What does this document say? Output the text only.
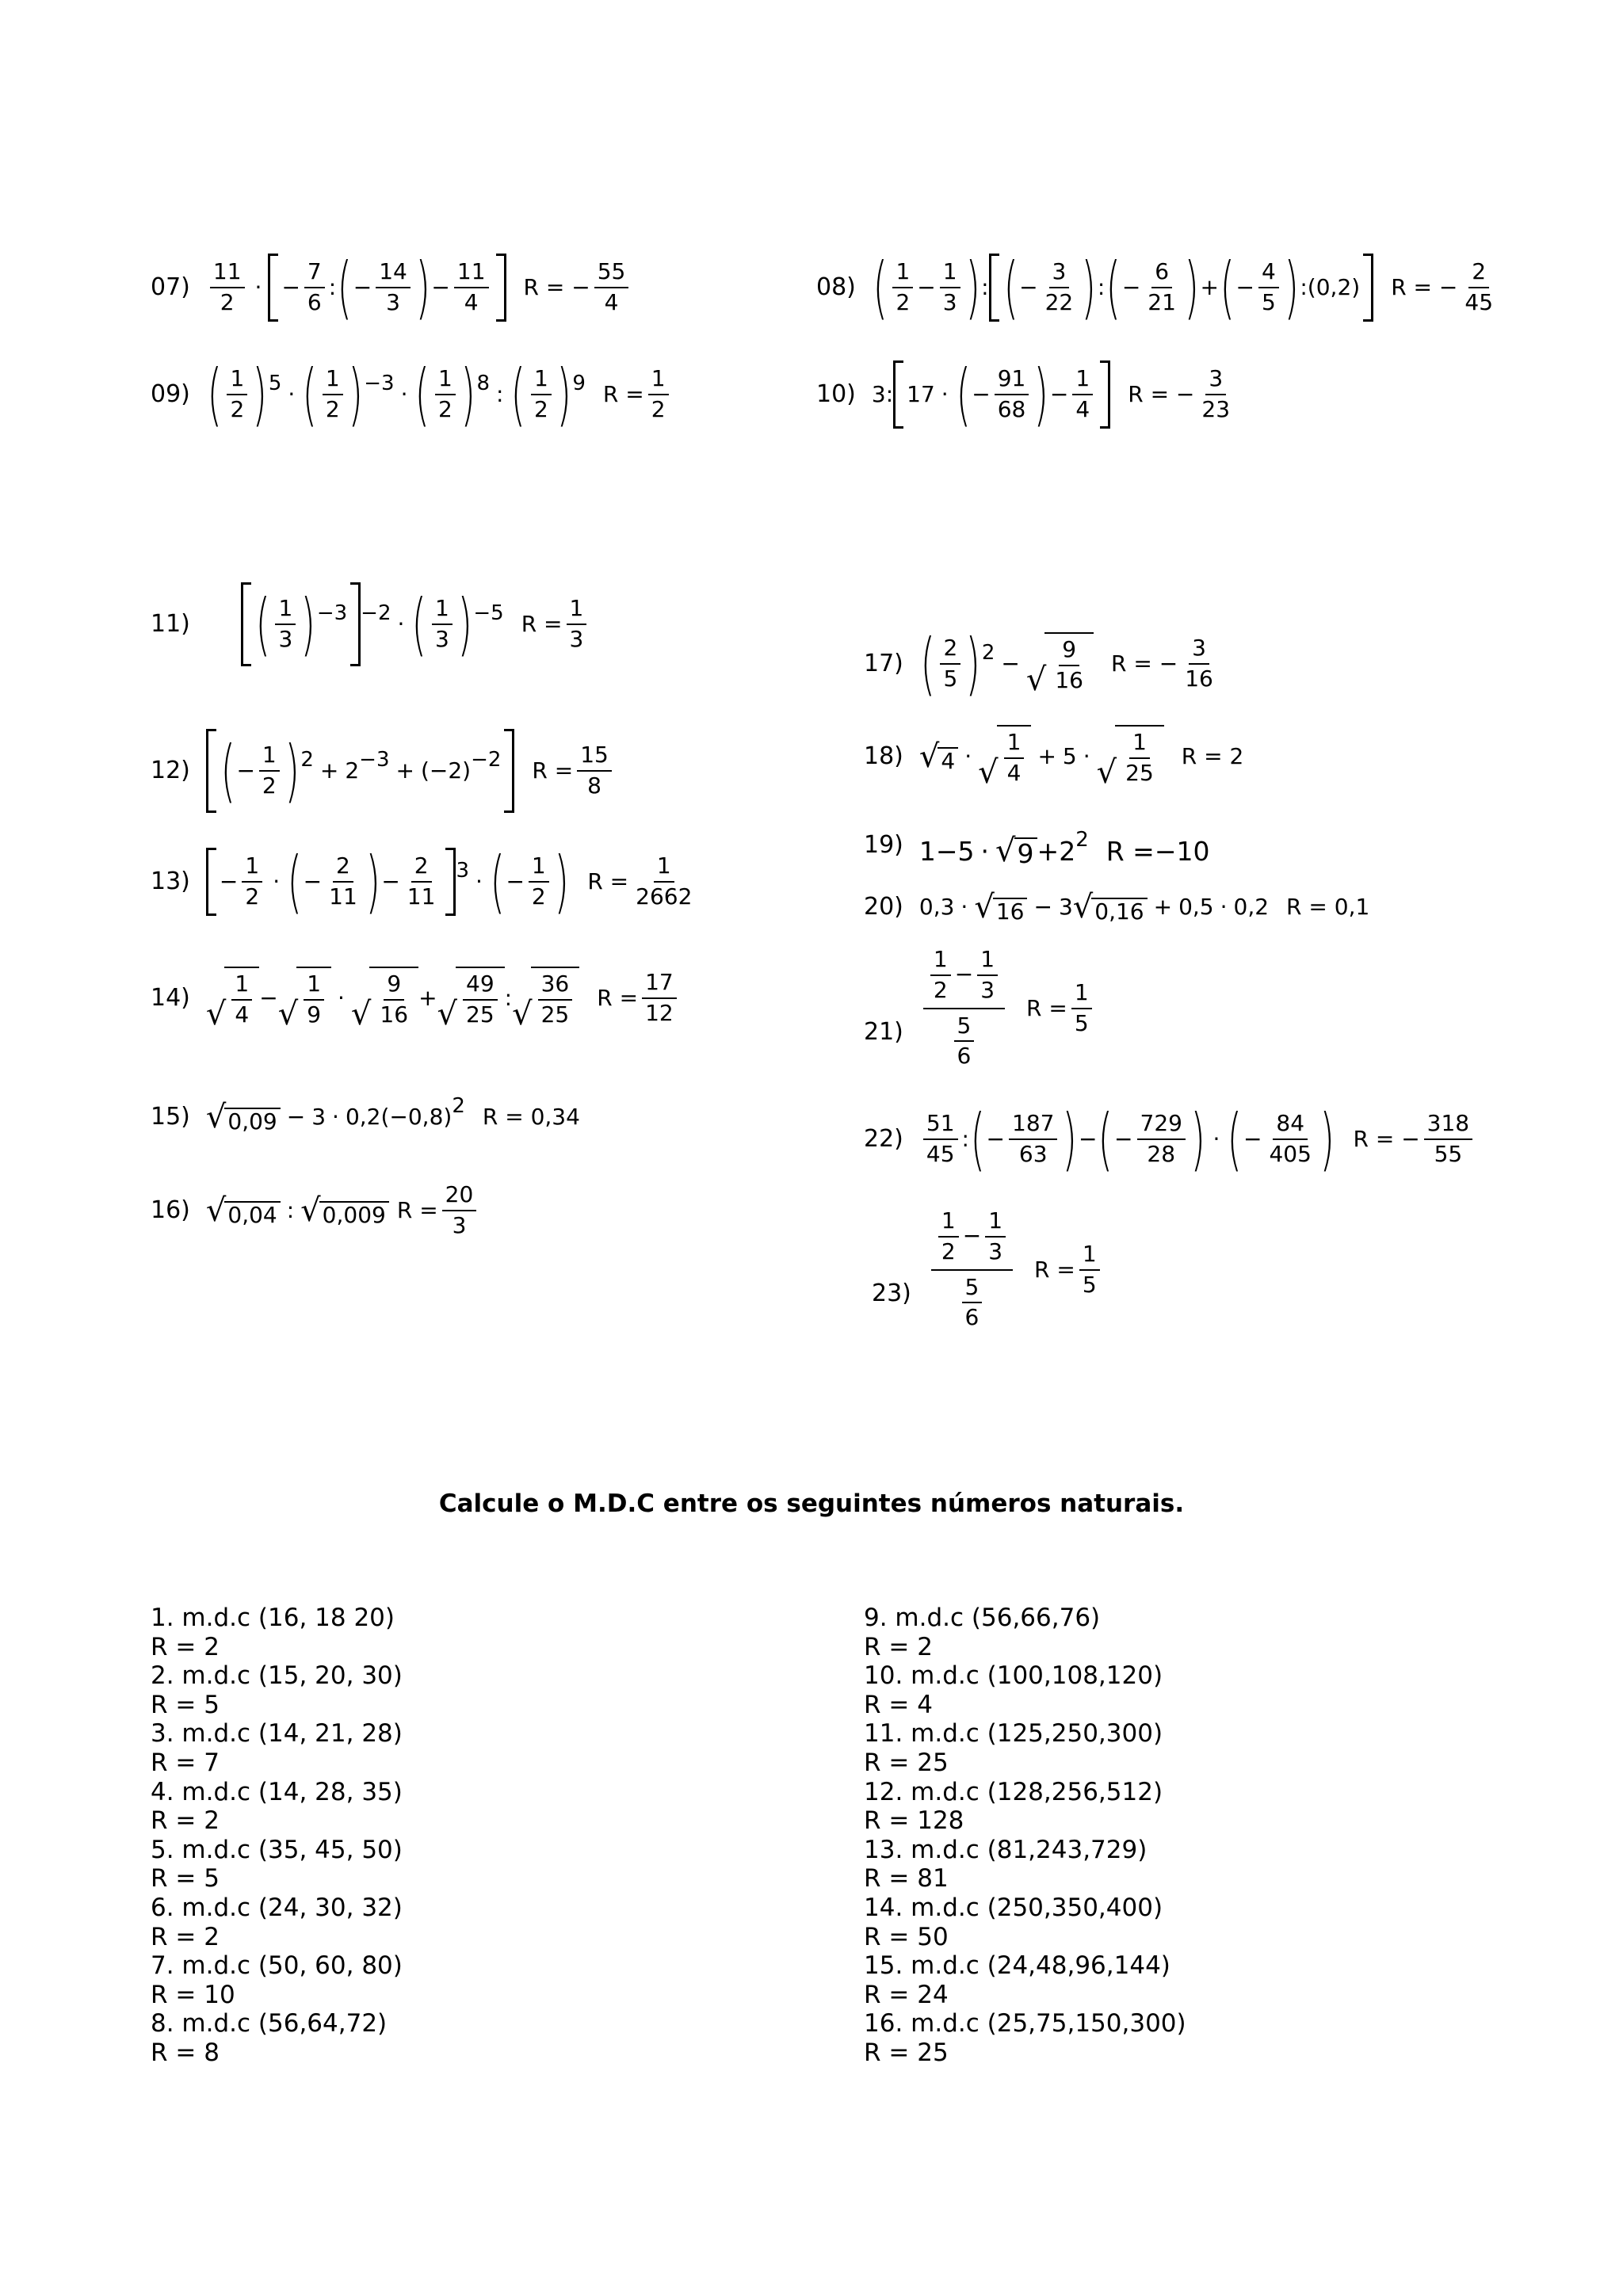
$07) \frac{11}{2}$ · − $\frac{7}{6}$ : ( − $\frac{14}{3}$ ) − $\frac{11}{4}$ R = − $\frac{55}{4}$	08) ( $\frac{1}{2} - \frac{1}{3}$ ) : ( − $\frac{3}{22}$ ) : ( − $\frac{6}{21}$ ) + ( − $\frac{4}{5}$ ) :(0,2) R = − $\frac{2}{45}$
09) ( $\frac{1}{2} )^5$ · ( $\frac{1}{2} )^{-3}$ · ( $\frac{1}{2} )^8$ : ( $\frac{1}{2} )^9$ $R = \frac{1}{2}$	10) 3: 17 · ( − $\frac{91}{68}$ ) − $\frac{1}{4}$ R = − $\frac{3}{23}$
11) ( $\frac{1}{3} )^{-3}$ $^{-2}$ · ( $\frac{1}{3} )^{-5}$ $R = \frac{1}{3}$
12) ( − $\frac{1}{2} )^2 + 2^{-3} + (-2)^{-2}$ $R = \frac{15}{8}$
13)	− $\frac{1}{2}$ · ( − $\frac{2}{11}$ ) − $\frac{2}{11} ^3$ · ( − $\frac{1}{2}$ ) $R = \frac{1}{2662}$
14) √ $\frac{1}{4}$ − √ $\frac{1}{9}$ · √ $\frac{9}{16}$ + √ $\frac{49}{25}$ : √ $\frac{36}{25}$ $R = \frac{17}{12}$
15) √ $0,09 - 3 \cdot 0,2(-0,8)^2$ R = 0,34
16) √ 0,04 : √ 0,009 $R = \frac{20}{3}$
17) ( $\frac{2}{5} )^2$ − √ $\frac{9}{16}$ R = − $\frac{3}{16}$
18) √ 4 · √ $\frac{1}{4} + 5$ · √ $\frac{1}{25}$ R = 2
19) 1−5 · √ $9 +2^2$ R =−10
20) 0,3 · √ 16 − 3 √ 0,16 + 0,5 · 0,2 R = 0,1
$21) \frac{\frac{1}{2} - \frac{1}{3}}{\frac{5}{6}}$ $R = \frac{1}{5}$
$22) \frac{51}{45}$ : ( − $\frac{187}{63}$ ) − ( − $\frac{729}{28}$ ) · ( − $\frac{84}{405}$ ) R = − $\frac{318}{55}$
$23) \frac{\frac{1}{2} - \frac{1}{3}}{\frac{5}{6}}$ $R = \frac{1}{5}$
Calcule o M.D.C entre os seguintes números naturais.
1. m.d.c (16, 18 20)
R = 2
2. m.d.c (15, 20, 30)
R = 5
3. m.d.c (14, 21, 28)
R = 7
4. m.d.c (14, 28, 35)
R = 2
5. m.d.c (35, 45, 50)
R = 5
6. m.d.c (24, 30, 32)
R = 2
7. m.d.c (50, 60, 80)
R = 10
8. m.d.c (56,64,72)
R = 8
9. m.d.c (56,66,76)
R = 2
10. m.d.c (100,108,120)
R = 4
11. m.d.c (125,250,300)
R = 25
12. m.d.c (128,256,512)
R = 128
13. m.d.c (81,243,729)
R = 81
14. m.d.c (250,350,400)
R = 50
15. m.d.c (24,48,96,144)
R = 24
16. m.d.c (25,75,150,300)
R = 25
